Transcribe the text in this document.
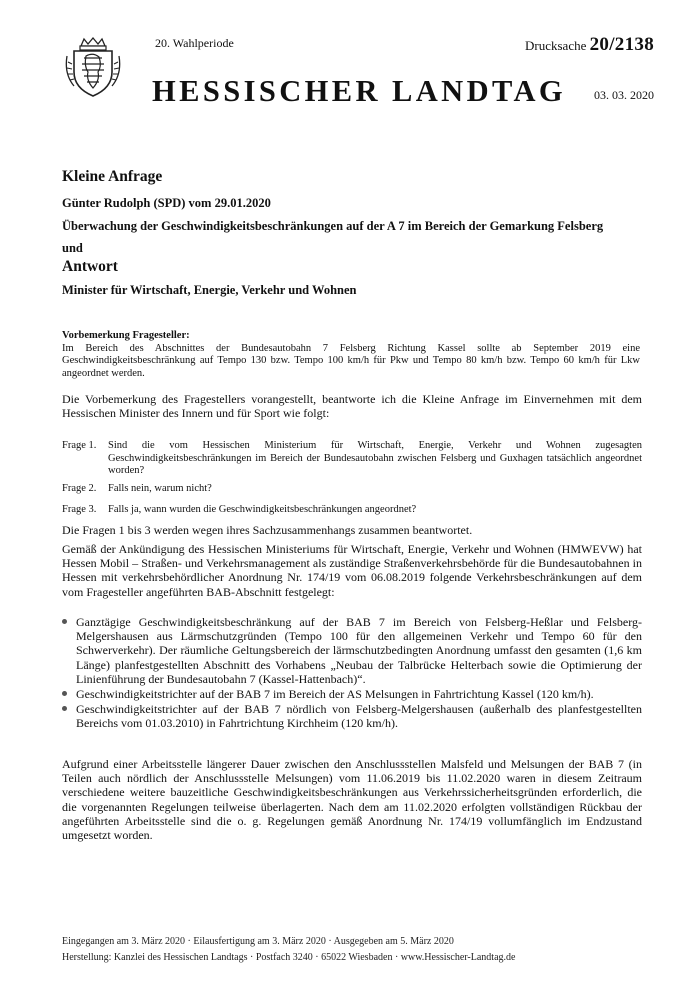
20. Wahlperiode	Drucksache 20/2138
HESSISCHER LANDTAG 03. 03. 2020
Kleine Anfrage
Günter Rudolph (SPD) vom 29.01.2020
Überwachung der Geschwindigkeitsbeschränkungen auf der A 7 im Bereich der Gemarkung Felsberg
und
Antwort
Minister für Wirtschaft, Energie, Verkehr und Wohnen
Vorbemerkung Fragesteller:
Im Bereich des Abschnittes der Bundesautobahn 7 Felsberg Richtung Kassel sollte ab September 2019 eine Geschwindigkeitsbeschränkung auf Tempo 130 bzw. Tempo 100 km/h für Pkw und Tempo 80 km/h bzw. Tempo 60 km/h für Lkw angeordnet werden.
Die Vorbemerkung des Fragestellers vorangestellt, beantworte ich die Kleine Anfrage im Einvernehmen mit dem Hessischen Minister des Innern und für Sport wie folgt:
Frage 1. Sind die vom Hessischen Ministerium für Wirtschaft, Energie, Verkehr und Wohnen zugesagten Geschwindigkeitsbeschränkungen im Bereich der Bundesautobahn zwischen Felsberg und Guxhagen tatsächlich angeordnet worden?
Frage 2. Falls nein, warum nicht?
Frage 3. Falls ja, wann wurden die Geschwindigkeitsbeschränkungen angeordnet?
Die Fragen 1 bis 3 werden wegen ihres Sachzusammenhangs zusammen beantwortet.
Gemäß der Ankündigung des Hessischen Ministeriums für Wirtschaft, Energie, Verkehr und Wohnen (HMWEVW) hat Hessen Mobil – Straßen- und Verkehrsmanagement als zuständige Straßenverkehrsbehörde für die Bundesautobahnen in Hessen mit verkehrsbehördlicher Anordnung Nr. 174/19 vom 06.08.2019 folgende Verkehrsbeschränkungen auf dem vom Fragesteller angeführten BAB-Abschnitt festgelegt:
Ganztägige Geschwindigkeitsbeschränkung auf der BAB 7 im Bereich von Felsberg-Heßlar und Felsberg-Melgershausen aus Lärmschutzgründen (Tempo 100 für den allgemeinen Verkehr und Tempo 60 für den Schwerverkehr). Der räumliche Geltungsbereich der lärmschutzbedingten Anordnung umfasst den gesamten (1,6 km Länge) planfestgestellten Abschnitt des Vorhabens „Neubau der Talbrücke Helterbach sowie die Optimierung der Linienführung der Bundesautobahn 7 (Kassel-Hattenbach)“.
Geschwindigkeitstrichter auf der BAB 7 im Bereich der AS Melsungen in Fahrtrichtung Kassel (120 km/h).
Geschwindigkeitstrichter auf der BAB 7 nördlich von Felsberg-Melgershausen (außerhalb des planfestgestellten Bereichs vom 01.03.2010) in Fahrtrichtung Kirchheim (120 km/h).
Aufgrund einer Arbeitsstelle längerer Dauer zwischen den Anschlussstellen Malsfeld und Melsungen der BAB 7 (in Teilen auch nördlich der Anschlussstelle Melsungen) vom 11.06.2019 bis 11.02.2020 waren in diesem Zeitraum verschiedene weitere bauzeitliche Geschwindigkeitsbeschränkungen aus Verkehrssicherheitsgründen erforderlich, die die vorgenannten Regelungen teilweise überlagerten. Nach dem am 11.02.2020 erfolgten vollständigen Rückbau der angeführten Arbeitsstelle sind die o. g. Regelungen gemäß Anordnung Nr. 174/19 vollumfänglich im Endzustand umgesetzt worden.
Eingegangen am 3. März 2020 · Eilausfertigung am 3. März 2020 · Ausgegeben am 5. März 2020
Herstellung: Kanzlei des Hessischen Landtags · Postfach 3240 · 65022 Wiesbaden · www.Hessischer-Landtag.de
